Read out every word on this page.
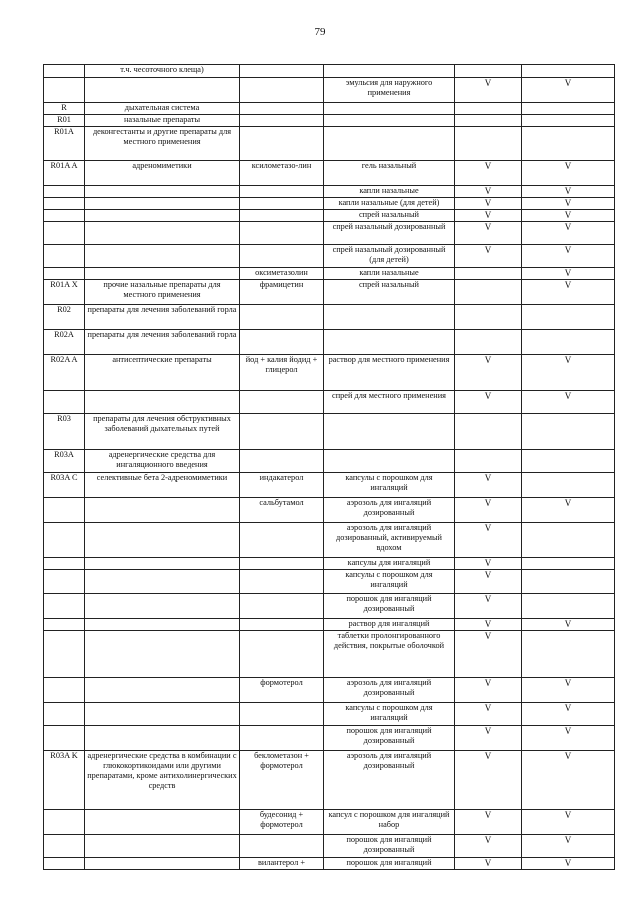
79
	т.ч. чесоточного клеща)				
			эмульсия для наружного применения	V	V
R	дыхательная система				
R01	назальные препараты				
R01A	деконгестанты и другие препараты для местного применения				
R01A A	адреномиметики	ксилометазо-лин	гель назальный	V	V
			капли назальные	V	V
			капли назальные (для детей)	V	V
			спрей назальный	V	V
			спрей назальный дозированный	V	V
			спрей назальный дозированный (для детей)	V	V
		оксиметазолин	капли назальные		V
R01A X	прочие назальные препараты для местного применения	фрамицетин	спрей назальный		V
R02	препараты для лечения заболеваний горла				
R02A	препараты для лечения заболеваний горла				
R02A A	антисептические препараты	йод + калия йодид + глицерол	раствор для местного применения	V	V
			спрей для местного применения	V	V
R03	препараты для лечения обструктивных заболеваний дыхательных путей				
R03A	адренергические средства для ингаляционного введения				
R03A C	селективные бета 2-адреномиметики	индакатерол	капсулы с порошком для ингаляций	V	
		сальбутамол	аэрозоль для ингаляций дозированный	V	V
			аэрозоль для ингаляций дозированный, активируемый вдохом	V	
			капсулы для ингаляций	V	
			капсулы с порошком для ингаляций	V	
			порошок для ингаляций дозированный	V	
			раствор для ингаляций	V	V
			таблетки пролонгированного действия, покрытые оболочкой	V	
		формотерол	аэрозоль для ингаляций дозированный	V	V
			капсулы с порошком для ингаляций	V	V
			порошок для ингаляций дозированный	V	V
R03A K	адренергические средства в комбинации с глюкокортикоидами или другими препаратами, кроме антихолинергических средств	беклометазон + формотерол	аэрозоль для ингаляций дозированный	V	V
		будесонид + формотерол	капсул с порошком для ингаляций набор	V	V
			порошок для ингаляций дозированный	V	V
		вилантерол +	порошок для ингаляций	V	V
